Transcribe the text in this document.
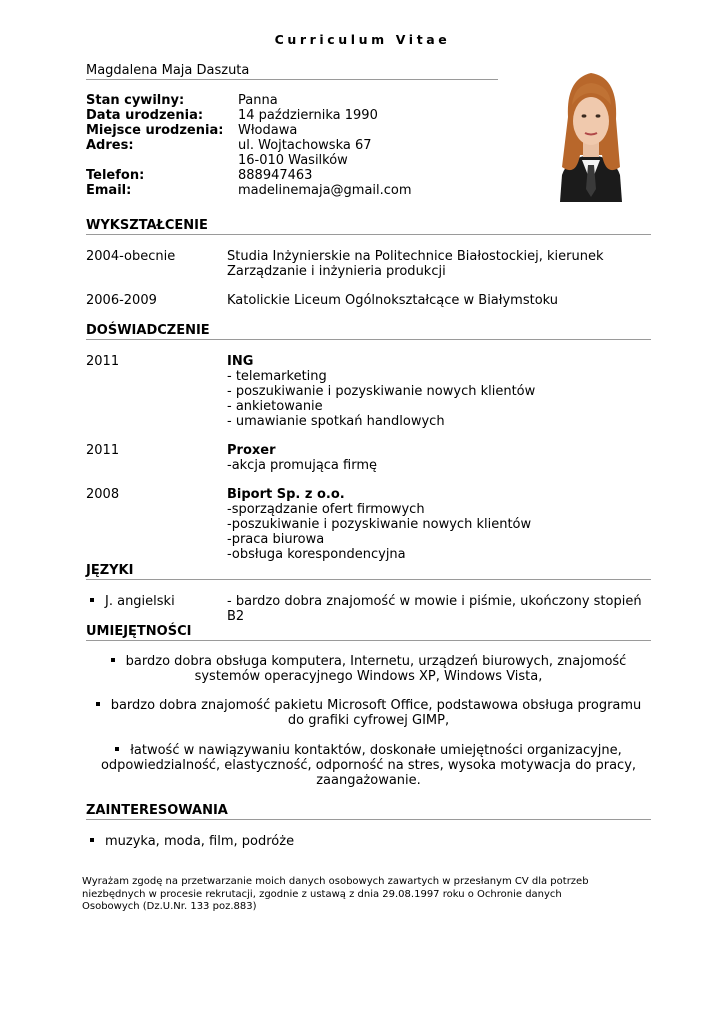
Curriculum Vitae
Magdalena Maja Daszuta
Stan cywilny:	Panna
Data urodzenia:	14 października 1990
Miejsce urodzenia:	Włodawa
Adres:	ul. Wojtachowska 67
16-010 Wasilków
Telefon:	888947463
Email:	madelinemaja@gmail.com
WYKSZTAŁCENIE
2004-obecnie	Studia Inżynierskie na Politechnice Białostockiej, kierunek Zarządzanie i inżynieria produkcji
2006-2009	Katolickie Liceum Ogólnokształcące w Białymstoku
DOŚWIADCZENIE
2011	ING
- telemarketing
- poszukiwanie i pozyskiwanie nowych klientów
- ankietowanie
- umawianie spotkań handlowych
2011	Proxer
-akcja promująca firmę
2008	Biport Sp. z o.o.
-sporządzanie ofert firmowych
-poszukiwanie i pozyskiwanie nowych klientów
-praca biurowa
-obsługa korespondencyjna
JĘZYKI
J. angielski	- bardzo dobra znajomość w mowie i piśmie, ukończony stopień B2
UMIEJĘTNOŚCI
bardzo dobra obsługa komputera, Internetu, urządzeń biurowych, znajomość systemów operacyjnego Windows XP, Windows Vista,
bardzo dobra znajomość pakietu Microsoft Office, podstawowa obsługa programu do grafiki cyfrowej GIMP,
łatwość w nawiązywaniu kontaktów, doskonałe umiejętności organizacyjne, odpowiedzialność, elastyczność, odporność na stres, wysoka motywacja do pracy, zaangażowanie.
ZAINTERESOWANIA
muzyka, moda, film, podróże
Wyrażam zgodę na przetwarzanie moich danych osobowych zawartych w przesłanym CV dla potrzeb niezbędnych w procesie rekrutacji, zgodnie z ustawą z dnia 29.08.1997 roku o Ochronie danych Osobowych (Dz.U.Nr. 133 poz.883)
